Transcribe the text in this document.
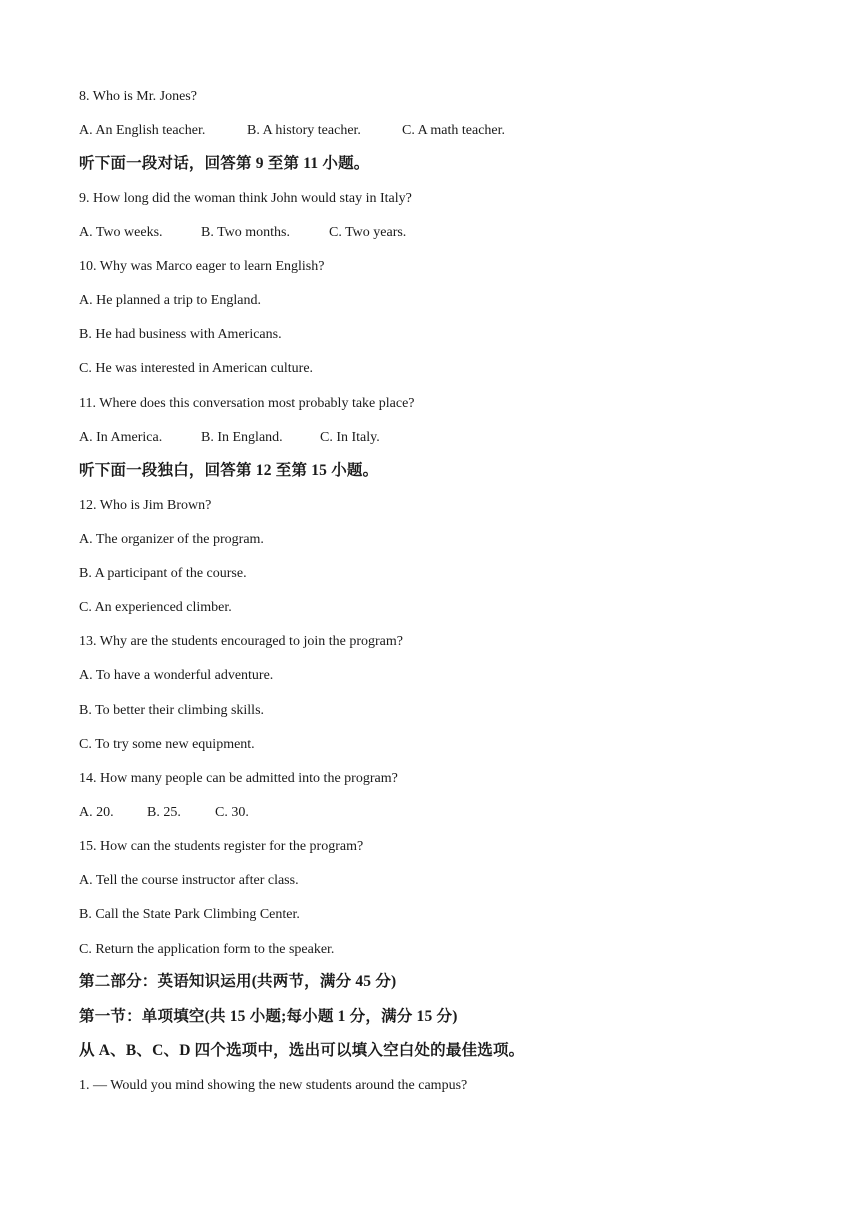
8. Who is Mr. Jones?
A. An English teacher.	B. A history teacher.	C. A math teacher.
听下面一段对话，回答第 9 至第 11 小题。
9. How long did the woman think John would stay in Italy?
A. Two weeks.	B. Two months.	C. Two years.
10. Why was Marco eager to learn English?
A. He planned a trip to England.
B. He had business with Americans.
C. He was interested in American culture.
11. Where does this conversation most probably take place?
A. In America.	B. In England.	C. In Italy.
听下面一段独白，回答第 12 至第 15 小题。
12. Who is Jim Brown?
A. The organizer of the program.
B. A participant of the course.
C. An experienced climber.
13. Why are the students encouraged to join the program?
A. To have a wonderful adventure.
B. To better their climbing skills.
C. To try some new equipment.
14. How many people can be admitted into the program?
A. 20. B. 25. C. 30.
15. How can the students register for the program?
A. Tell the course instructor after class.
B. Call the State Park Climbing Center.
C. Return the application form to the speaker.
第二部分：英语知识运用(共两节，满分 45 分)
第一节：单项填空(共 15 小题;每小题 1 分，满分 15 分)
从 A、B、C、D 四个选项中，选出可以填入空白处的最佳选项。
1. — Would you mind showing the new students around the campus?
